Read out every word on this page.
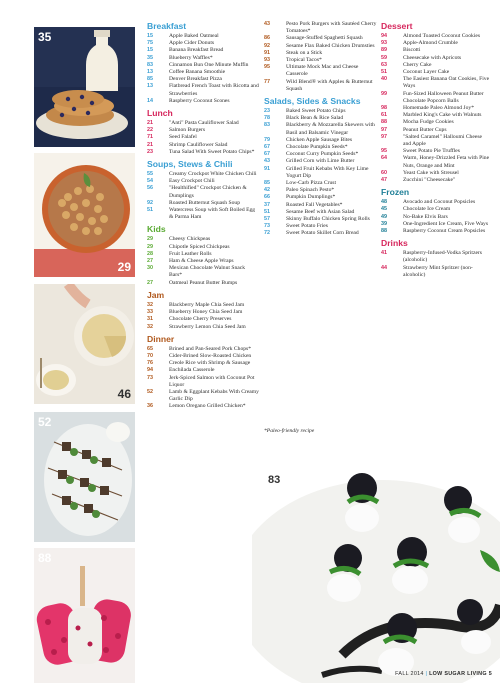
35
29
46
52
88
83
Breakfast
15	Apple Baked Oatmeal
75	Apple Cider Donuts
15	Banana Breakfast Bread
35	Blueberry Waffles*
83	Cinnamon Bun One Minute Muffin
13	Coffee Banana Smoothie
85	Denver Breakfast Pizza
13	Flatbread French Toast with Ricotta and Strawberries
14	Raspberry Coconut Scones
Lunch
21	"Anti" Pasta Cauliflower Salad
22	Salmon Burgers
71	Seed Falafel
21	Shrimp Cauliflower Salad
23	Tuna Salad With Sweet Potato Chips*
Soups, Stews & Chili
55	Creamy Crockpot White Chicken Chili
54	Easy Crockpot Chili
56	"Healthified" Crockpot Chicken & Dumplings
92	Roasted Butternut Squash Soup
51	Watercress Soup with Soft Boiled Egg & Parma Ham
Kids
29	Cheesy Chickpeas
29	Chipotle Spiced Chickpeas
28	Fruit Leather Rolls
27	Ham & Cheese Apple Wraps
30	Mexican Chocolate Walnut Snack Bars*
27	Oatmeal Peanut Butter Bumps
Jam
32	Blackberry Maple Chia Seed Jam
33	Blueberry Honey Chia Seed Jam
31	Chocolate Cherry Preserves
32	Strawberry Lemon Chia Seed Jam
Dinner
65	Brined and Pan-Seared Pork Chops*
70	Cider-Brined Slow-Roasted Chicken
76	Creole Rice with Shrimp & Sausage
94	Enchilada Casserole
73	Jerk-Spiced Salmon with Coconut Pot Liquor
52	Lamb & Eggplant Kebabs With Creamy Garlic Dip
36	Lemon Oregano Grilled Chicken*
43	Pesto Pork Burgers with Sautéed Cherry Tomatoes*
86	Sausage-Stuffed Spaghetti Squash
92	Sesame Flax Baked Chicken Drumsties
91	Steak on a Stick
93	Tropical Tacos*
95	Ultimate Mock Mac and Cheese Casserole
77	Wild Blend® with Apples & Butternut Squash
Salads, Sides & Snacks
23	Baked Sweet Potato Chips
78	Black Bean & Rice Salad
83	Blackberry & Mozzarella Skewers with Basil and Balsamic Vinegar
79	Chicken Apple Sausage Bites
67	Chocolate Pumpkin Seeds*
67	Coconut Curry Pumpkin Seeds*
43	Grilled Corn with Lime Butter
91	Grilled Fruit Kebabs With Key Lime Yogurt Dip
85	Low-Carb Pizza Crust
42	Paleo Spinach Pesto*
66	Pumpkin Dumplings*
37	Roasted Fall Vegetables*
51	Sesame Beef with Asian Salad
57	Skinny Buffalo Chicken Spring Rolls
73	Sweet Potato Fries
72	Sweet Potato Skillet Corn Bread
Dessert
94	Almond Toasted Coconut Cookies
93	Apple-Almond Crumble
89	Biscotti
59	Cheesecake with Apricots
63	Cherry Cake
51	Coconut Layer Cake
40	The Easiest Banana Oat Cookies, Five Ways
99	Fun-Sized Halloween Peanut Butter Chocolate Popcorn Balls
98	Homemade Paleo Almond Joy*
61	Marbled King's Cake with Walnuts
88	Mocha Fudge Cookies
97	Peanut Butter Cups
97	"Salted Caramel" Halloumi Cheese and Apple
95	Sweet Potato Pie Truffles
64	Warm, Honey-Drizzled Feta with Pine Nuts, Orange and Mint
60	Yeast Cake with Streusel
47	Zucchini "Cheesecake"
Frozen
48	Avocado and Coconut Popsicles
45	Chocolate Ice Cream
49	No-Bake Elvis Bars
39	One-Ingredient Ice Cream, Five Ways
88	Raspberry Coconut Cream Popsicles
Drinks
41	Raspberry-Infused-Vodka Spritzers (alcoholic)
44	Strawberry Mint Spritzer (non-alcoholic)
*Paleo-friendly recipe
FALL 2014 | LOW SUGAR LIVING 5
